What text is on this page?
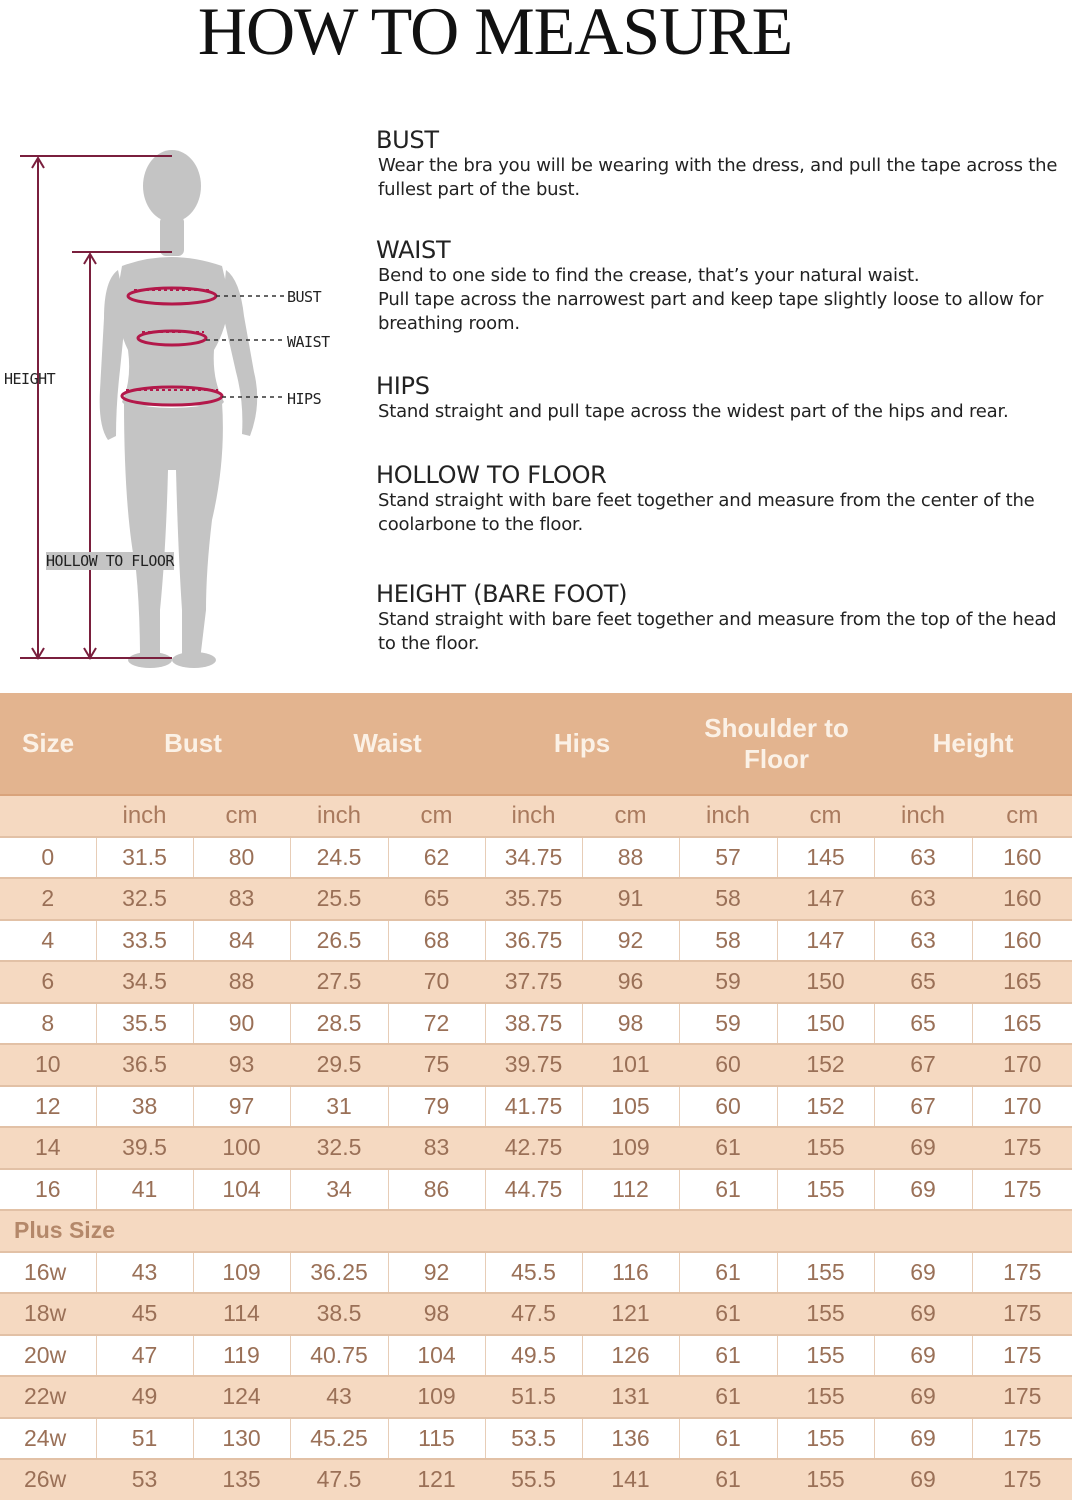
HOW TO MEASURE
HEIGHT
BUST
WAIST
HIPS
HOLLOW TO FLOOR
BUST

Wear the bra you will be wearing with the dress, and pull the tape across the fullest part of the bust.

WAIST

Bend to one side to find the crease, that’s your natural waist.
Pull tape across the narrowest part and keep tape slightly loose to allow for breathing room.

HIPS

Stand straight and pull tape across the widest part of the hips and rear.

HOLLOW TO FLOOR

Stand straight with bare feet together and measure from the center of the coolarbone to the floor.

HEIGHT (BARE FOOT)

Stand straight with bare feet together and measure from the top of the head to the floor.

Size	Bust		Waist		Hips		Shoulder to Floor		Height	
	inch	cm	inch	cm	inch	cm	inch	cm	inch	cm
0	31.5	80	24.5	62	34.75	88	57	145	63	160
2	32.5	83	25.5	65	35.75	91	58	147	63	160
4	33.5	84	26.5	68	36.75	92	58	147	63	160
6	34.5	88	27.5	70	37.75	96	59	150	65	165
8	35.5	90	28.5	72	38.75	98	59	150	65	165
10	36.5	93	29.5	75	39.75	101	60	152	67	170
12	38	97	31	79	41.75	105	60	152	67	170
14	39.5	100	32.5	83	42.75	109	61	155	69	175
16	41	104	34	86	44.75	112	61	155	69	175
Plus Size										
16w	43	109	36.25	92	45.5	116	61	155	69	175
18w	45	114	38.5	98	47.5	121	61	155	69	175
20w	47	119	40.75	104	49.5	126	61	155	69	175
22w	49	124	43	109	51.5	131	61	155	69	175
24w	51	130	45.25	115	53.5	136	61	155	69	175
26w	53	135	47.5	121	55.5	141	61	155	69	175
